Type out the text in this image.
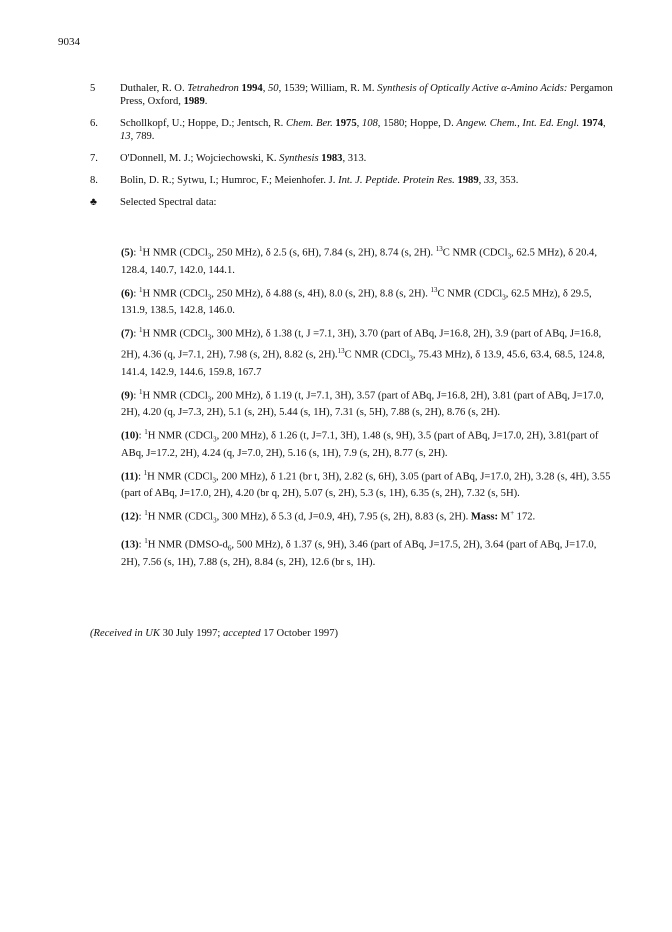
9034
5	Duthaler, R. O. Tetrahedron 1994, 50, 1539; William, R. M. Synthesis of Optically Active α-Amino Acids: Pergamon Press, Oxford, 1989.
6.	Schollkopf, U.; Hoppe, D.; Jentsch, R. Chem. Ber. 1975, 108, 1580; Hoppe, D. Angew. Chem., Int. Ed. Engl. 1974, 13, 789.
7.	O'Donnell, M. J.; Wojciechowski, K. Synthesis 1983, 313.
8.	Bolin, D. R.; Sytwu, I.; Humroc, F.; Meienhofer. J. Int. J. Peptide. Protein Res. 1989, 33, 353.
♣	Selected Spectral data:
(5): $^1$H NMR (CDCl$_3$, 250 MHz), δ 2.5 (s, 6H), 7.84 (s, 2H), 8.74 (s, 2H). $^{13}$C NMR (CDCl$_3$, 62.5 MHz), δ 20.4, 128.4, 140.7, 142.0, 144.1.
(6): $^1$H NMR (CDCl$_3$, 250 MHz), δ 4.88 (s, 4H), 8.0 (s, 2H), 8.8 (s, 2H). $^{13}$C NMR (CDCl$_3$, 62.5 MHz), δ 29.5, 131.9, 138.5, 142.8, 146.0.
(7): $^1$H NMR (CDCl$_3$, 300 MHz), δ 1.38 (t, J =7.1, 3H), 3.70 (part of ABq, J=16.8, 2H), 3.9 (part of ABq, J=16.8, 2H), 4.36 (q, J=7.1, 2H), 7.98 (s, 2H), 8.82 (s, 2H).$^{13}$C NMR (CDCl$_3$, 75.43 MHz), δ 13.9, 45.6, 63.4, 68.5, 124.8, 141.4, 142.9, 144.6, 159.8, 167.7
(9): $^1$H NMR (CDCl$_3$, 200 MHz), δ 1.19 (t, J=7.1, 3H), 3.57 (part of ABq, J=16.8, 2H), 3.81 (part of ABq, J=17.0, 2H), 4.20 (q, J=7.3, 2H), 5.1 (s, 2H), 5.44 (s, 1H), 7.31 (s, 5H), 7.88 (s, 2H), 8.76 (s, 2H).
(10): $^1$H NMR (CDCl$_3$, 200 MHz), δ 1.26 (t, J=7.1, 3H), 1.48 (s, 9H), 3.5 (part of ABq, J=17.0, 2H), 3.81(part of ABq, J=17.2, 2H), 4.24 (q, J=7.0, 2H), 5.16 (s, 1H), 7.9 (s, 2H), 8.77 (s, 2H).
(11): $^1$H NMR (CDCl$_3$, 200 MHz), δ 1.21 (br t, 3H), 2.82 (s, 6H), 3.05 (part of ABq, J=17.0, 2H), 3.28 (s, 4H), 3.55 (part of ABq, J=17.0, 2H), 4.20 (br q, 2H), 5.07 (s, 2H), 5.3 (s, 1H), 6.35 (s, 2H), 7.32 (s, 5H).
(12): $^1$H NMR (CDCl$_3$, 300 MHz), δ 5.3 (d, J=0.9, 4H), 7.95 (s, 2H), 8.83 (s, 2H). Mass: M+ 172.
(13): $^1$H NMR ($DMSO-d_6$, 500 MHz), δ 1.37 (s, 9H), 3.46 (part of ABq, J=17.5, 2H), 3.64 (part of ABq, J=17.0, 2H), 7.56 (s, 1H), 7.88 (s, 2H), 8.84 (s, 2H), 12.6 (br s, 1H).
(Received in UK 30 July 1997; accepted 17 October 1997)
